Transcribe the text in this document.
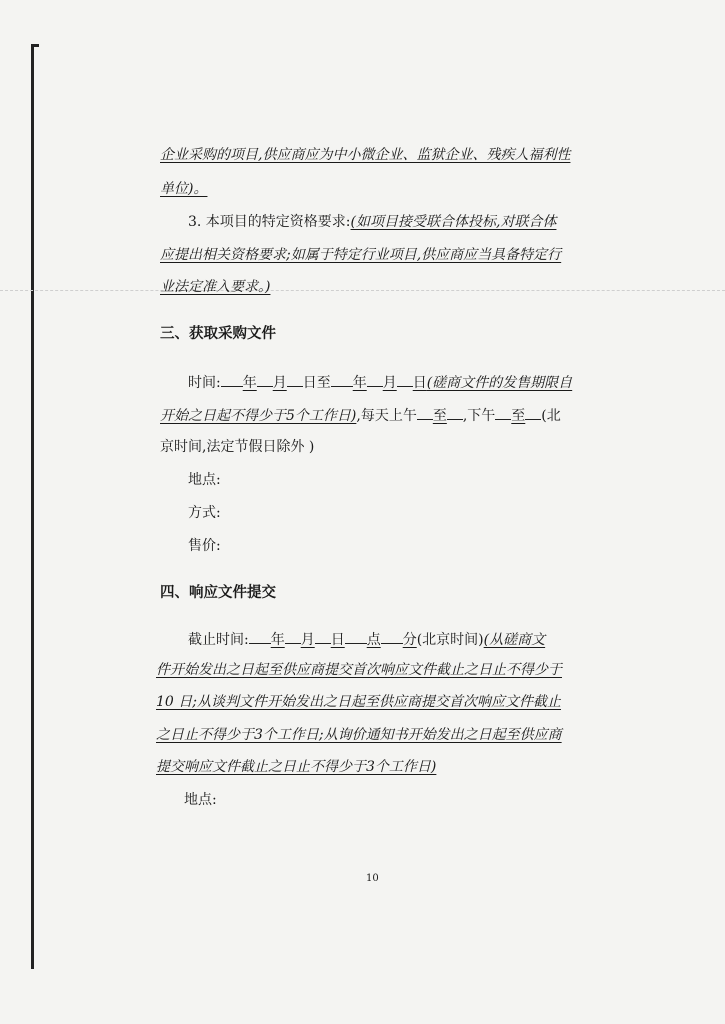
企业采购的项目,供应商应为中小微企业、监狱企业、残疾人福利性
单位)。
3. 本项目的特定资格要求:(如项目接受联合体投标,对联合体
应提出相关资格要求;如属于特定行业项目,供应商应当具备特定行
业法定准入要求。)
三、获取采购文件
时间: 年 月 日至 年 月 日(磋商文件的发售期限自
开始之日起不得少于5个工作日),每天上午 至 ,下午 至 (北
京时间,法定节假日除外 )
地点:
方式:
售价:
四、响应文件提交
截止时间: 年 月 日 点 分(北京时间)(从磋商文
件开始发出之日起至供应商提交首次响应文件截止之日止不得少于
10 日;从谈判文件开始发出之日起至供应商提交首次响应文件截止
之日止不得少于3个工作日;从询价通知书开始发出之日起至供应商
提交响应文件截止之日止不得少于3个工作日)
地点:
10
